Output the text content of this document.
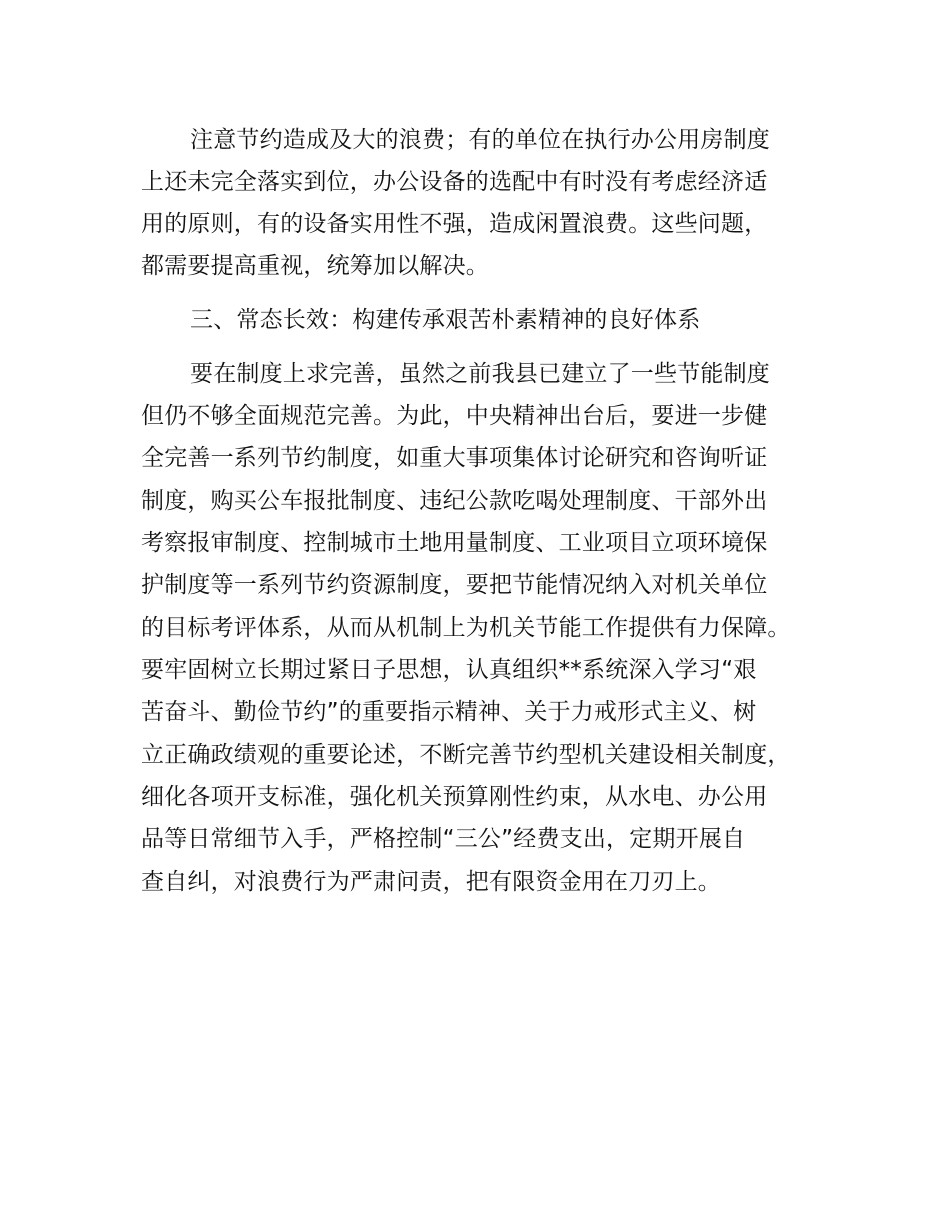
注意节约造成及大的浪费；有的单位在执行办公用房制度
上还未完全落实到位，办公设备的选配中有时没有考虑经济适
用的原则，有的设备实用性不强，造成闲置浪费。这些问题，
都需要提高重视，统筹加以解决。
三、常态长效：构建传承艰苦朴素精神的良好体系
要在制度上求完善，虽然之前我县已建立了一些节能制度
但仍不够全面规范完善。为此，中央精神出台后，要进一步健
全完善一系列节约制度，如重大事项集体讨论研究和咨询听证
制度，购买公车报批制度、违纪公款吃喝处理制度、干部外出
考察报审制度、控制城市土地用量制度、工业项目立项环境保
护制度等一系列节约资源制度，要把节能情况纳入对机关单位
的目标考评体系，从而从机制上为机关节能工作提供有力保障。
要牢固树立长期过紧日子思想，认真组织**系统深入学习“艰
苦奋斗、勤俭节约”的重要指示精神、关于力戒形式主义、树
立正确政绩观的重要论述，不断完善节约型机关建设相关制度，
细化各项开支标准，强化机关预算刚性约束，从水电、办公用
品等日常细节入手，严格控制“三公”经费支出，定期开展自
查自纠，对浪费行为严肃问责，把有限资金用在刀刃上。
